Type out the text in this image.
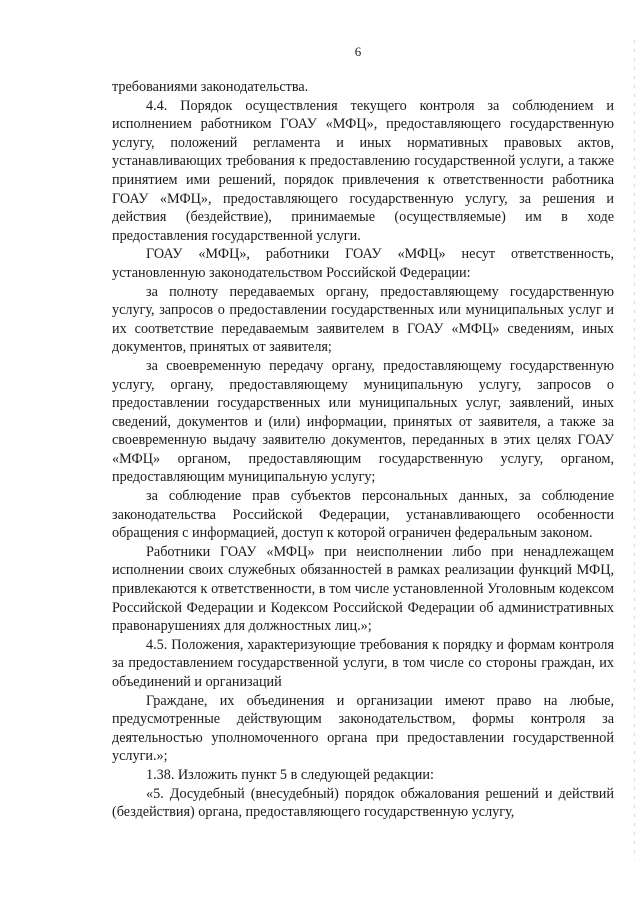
6

требованиями законодательства.

4.4. Порядок осуществления текущего контроля за соблюдением и исполнением работником ГОАУ «МФЦ», предоставляющего государственную услугу, положений регламента и иных нормативных правовых актов, устанавливающих требования к предоставлению государственной услуги, а также принятием ими решений, порядок привлечения к ответственности работника ГОАУ «МФЦ», предоставляющего государственную услугу, за решения и действия (бездействие), принимаемые (осуществляемые) им в ходе предоставления государственной услуги.

ГОАУ «МФЦ», работники ГОАУ «МФЦ» несут ответственность, установленную законодательством Российской Федерации:

за полноту передаваемых органу, предоставляющему государственную услугу, запросов о предоставлении государственных или муниципальных услуг и их соответствие передаваемым заявителем в ГОАУ «МФЦ» сведениям, иных документов, принятых от заявителя;

за своевременную передачу органу, предоставляющему государственную услугу, органу, предоставляющему муниципальную услугу, запросов о предоставлении государственных или муниципальных услуг, заявлений, иных сведений, документов и (или) информации, принятых от заявителя, а также за своевременную выдачу заявителю документов, переданных в этих целях ГОАУ «МФЦ» органом, предоставляющим государственную услугу, органом, предоставляющим муниципальную услугу;

за соблюдение прав субъектов персональных данных, за соблюдение законодательства Российской Федерации, устанавливающего особенности обращения с информацией, доступ к которой ограничен федеральным законом.

Работники ГОАУ «МФЦ» при неисполнении либо при ненадлежащем исполнении своих служебных обязанностей в рамках реализации функций МФЦ, привлекаются к ответственности, в том числе установленной Уголовным кодексом Российской Федерации и Кодексом Российской Федерации об административных правонарушениях для должностных лиц.»;

4.5. Положения, характеризующие требования к порядку и формам контроля за предоставлением государственной услуги, в том числе со стороны граждан, их объединений и организаций

Граждане, их объединения и организации имеют право на любые, предусмотренные действующим законодательством, формы контроля за деятельностью уполномоченного органа при предоставлении государственной услуги.»;

1.38. Изложить пункт 5 в следующей редакции:

«5. Досудебный (внесудебный) порядок обжалования решений и действий (бездействия) органа, предоставляющего государственную услугу,
